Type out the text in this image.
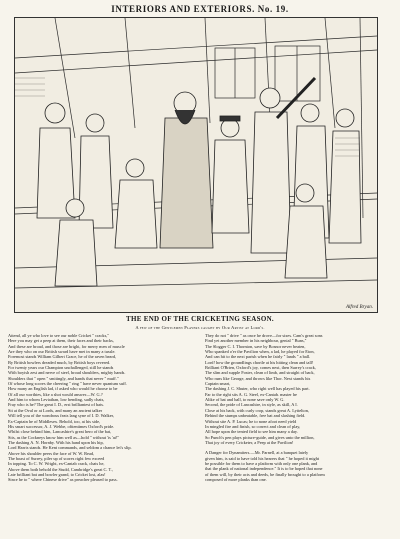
INTERIORS AND EXTERIORS. No. 19.
Alfred Bryan.
THE END OF THE CRICKETING SEASON.
A few of the Gentlemen Players caught by Our Artist at Lord's.
Attend, all ye who love to see our noble Cricket " cracks,"
Here you may get a peep at them, their faces and their backs,
And these are broad, and those are bright, for merry men of muscle
Are they who on our British sward have met in many a tussle.
Foremost stands William Gilbert Grace, he of the raven beard,
By British bowlers dreaded much, by British boys revered.
For twenty years our Champion unchallenged, still he stands
With boyish zest and nerve of steel, broad shoulders, mighty hands.
Shoulders that " open " smitingly, and hands that never " muff."
Of whose long scores the cheering " ring " have never quantum suff.
How many an English lad, if asked who would he choose to be
Of all our worthies, like a shot would answer—W. G.?
And him to whom Leviathan, low bending, sadly chats,
Fray who is he? The great I. D., erst brilliantest of bats.
Sit at the Oval or at Lords, and many an ancient talker
Will tell you of the wondrous feats lang syne of I. D. Walker,
Ex-Captain he of Middlesex. Behold, too, at his side,
His smart successor, A. J. Webbe, ofttentimes Oxford's pride.
Whilst close behind him, Lancashire's great hero of the bat,
Sits, as the Cockneys know him well as—hold " without 'is 'at!"
The dashing A. N. Hornby. With his hand upon his hip,
Lord Harris stands. He Kent commands, and seldom a chance let's slip.
Above his shoulder peers the face of W. W. Read,
The boast of Surrey, piler up of scores right few exceed
In topping. To C. W. Wright, ex-Cantab crack, chats he,
Above them both behold the Studd, Cambridge's great C. T.,
Late brilliant bat and bowler grand, to Cricket lost, alas!
Since he to " where Chinese drive" as preacher pleased to pass.
They do not " drive " as once he drove—for sixes. Cam's great sons
Find yet another member in his neighbour, genial " Buns,"
The Slogger C. I. Thornton, save by Bosnor never beaten,
Who spanked o'er the Pavilion when, a lad, he played for Eton,
And can hit to the next parish when he fairly " lands " a ball.
Lord! how the groundlings chortle at his hitting clean and tall!
Brilliant O'Brien, Oxford's joy, comes next, then Surrey's crack,
The slim and supple Foster, clean of limb, and straight of back,
Who runs like George, and throws like Thor. Next stands his
Captain smart,
The dashing J. C. Shuter, who right well has played his part.
Far to the right sits A. G. Steel, ex-Cantab. master he
Alike of bat and ball, to none save only W. G.
Second, the pride of Lancashire, in style, as skill, A I.
Close at his back, with curly crop, stands great A. Lyttelton,
Behind the stumps unbeatable, free bat and slashing field.
Without site A. P. Lucas; he to none afoot need yield
In mingled fire and finish, so correct and clean of play,
All hope upon the tented field to see him many a day.
So Punch's pen plays picture-guide, and gives unto the million,
That joy of every Cricketer, a Peep at the Pavilion!
A Danger for Dynamiters.—Mr. Parnell, at a banquet lately
given him, is said to have told his hearers that " he hoped it might
be possible for them to have a platform with only one plank, and
that the plank of national independence." It is to be hoped that none
of them will, by their acts and deeds, be finally brought to a platform
composed of more planks than one.
